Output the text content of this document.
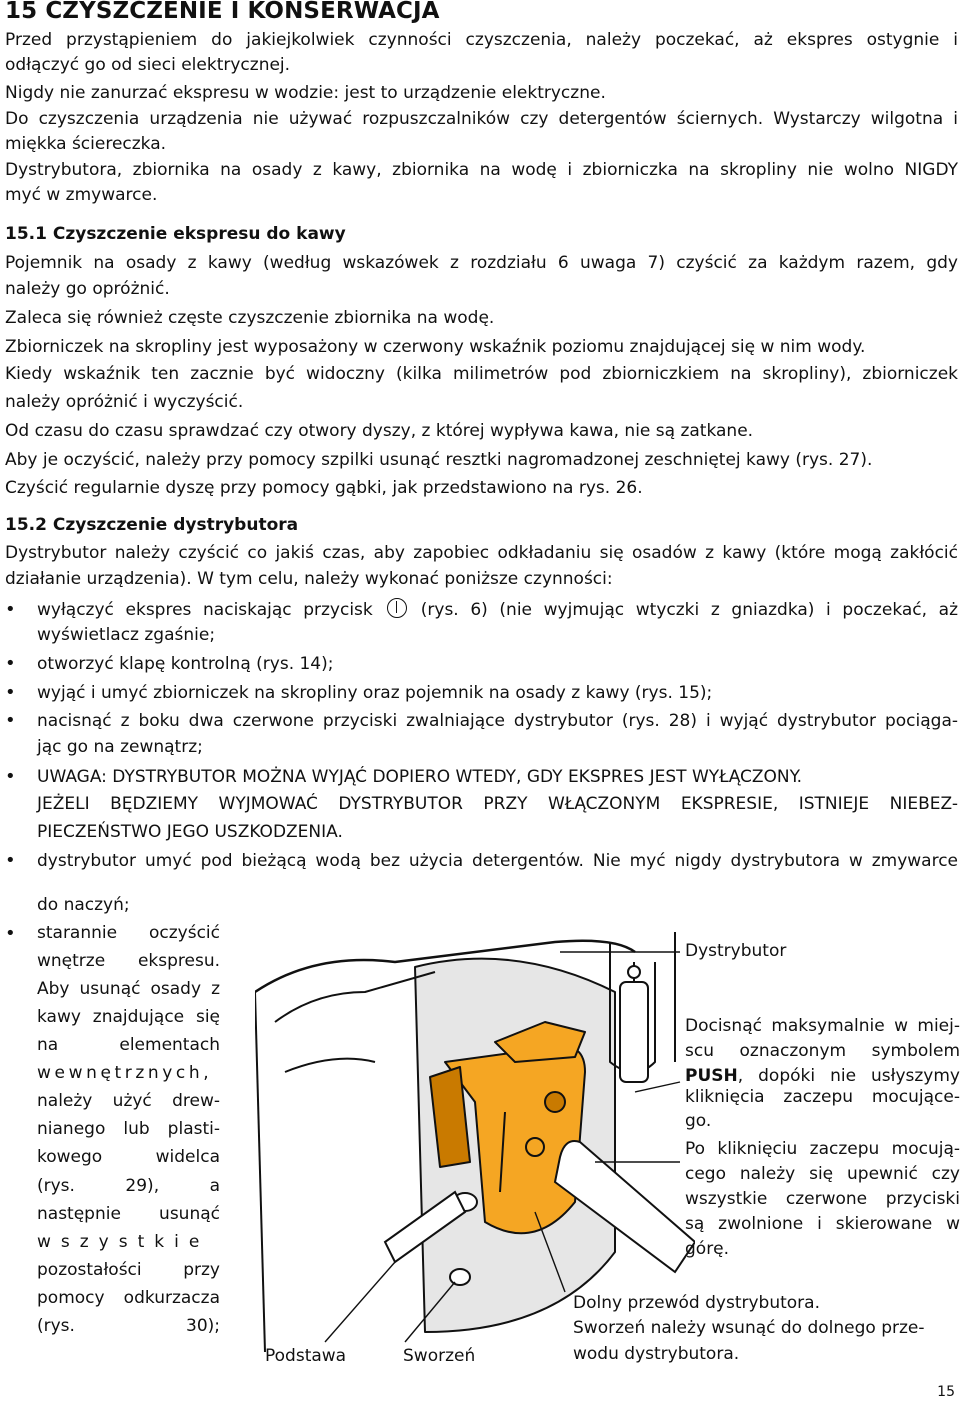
15 CZYSZCZENIE I KONSERWACJA
Przed przystąpieniem do jakiejkolwiek czynności czyszczenia, należy poczekać, aż ekspres ostygnie i
odłączyć go od sieci elektrycznej.
Nigdy nie zanurzać ekspresu w wodzie: jest to urządzenie elektryczne.
Do czyszczenia urządzenia nie używać rozpuszczalników czy detergentów ściernych. Wystarczy wilgotna i
miękka ściereczka.
Dystrybutora, zbiornika na osady z kawy, zbiornika na wodę i zbiorniczka na skropliny nie wolno NIGDY
myć w zmywarce.
15.1 Czyszczenie ekspresu do kawy
Pojemnik na osady z kawy (według wskazówek z rozdziału 6 uwaga 7) czyścić za każdym razem, gdy
należy go opróżnić.
Zaleca się również częste czyszczenie zbiornika na wodę.
Zbiorniczek na skropliny jest wyposażony w czerwony wskaźnik poziomu znajdującej się w nim wody.
Kiedy wskaźnik ten zacznie być widoczny (kilka milimetrów pod zbiorniczkiem na skropliny), zbiorniczek
należy opróżnić i wyczyścić.
Od czasu do czasu sprawdzać czy otwory dyszy, z której wypływa kawa, nie są zatkane.
Aby je oczyścić, należy przy pomocy szpilki usunąć resztki nagromadzonej zeschniętej kawy (rys. 27).
Czyścić regularnie dyszę przy pomocy gąbki, jak przedstawiono na rys. 26.
15.2 Czyszczenie dystrybutora
Dystrybutor należy czyścić co jakiś czas, aby zapobiec odkładaniu się osadów z kawy (które mogą zakłócić
działanie urządzenia). W tym celu, należy wykonać poniższe czynności:
•	wyłączyć ekspres naciskając przycisk	(rys. 6) (nie wyjmując wtyczki z gniazdka) i poczekać, aż
wyświetlacz zgaśnie;
•	otworzyć klapę kontrolną (rys. 14);
•	wyjąć i umyć zbiorniczek na skropliny oraz pojemnik na osady z kawy (rys. 15);
•	nacisnąć z boku dwa czerwone przyciski zwalniające dystrybutor (rys. 28) i wyjąć dystrybutor pociąga-
jąc go na zewnątrz;
•	UWAGA: DYSTRYBUTOR MOŻNA WYJĄĆ DOPIERO WTEDY, GDY EKSPRES JEST WYŁĄCZONY.
JEŻELI BĘDZIEMY WYJMOWAĆ DYSTRYBUTOR PRZY WŁĄCZONYM EKSPRESIE, ISTNIEJE NIEBEZ-
PIECZEŃSTWO JEGO USZKODZENIA.
•	dystrybutor umyć pod bieżącą wodą bez użycia detergentów. Nie myć nigdy dystrybutora w zmywarce
do naczyń;
•	starannie oczyścić
wnętrze ekspresu.
Aby usunąć osady z
kawy znajdujące się
na elementach
wewnętrznych,
należy użyć drew-
nianego lub plasti-
kowego widelca
(rys. 29), a
następnie usunąć
wszystkie
pozostałości przy
pomocy odkurzacza
(rys. 30);
Dystrybutor
Docisnąć maksymalnie w miej-
scu oznaczonym symbolem
PUSH, dopóki nie usłyszymy
kliknięcia zaczepu mocujące-
go.
Po kliknięciu zaczepu mocują-
cego należy się upewnić czy
wszystkie czerwone przyciski
są zwolnione i skierowane w
górę.
Dolny przewód dystrybutora.
Sworzeń należy wsunąć do dolnego prze-
wodu dystrybutora.
Podstawa	Sworzeń
15
